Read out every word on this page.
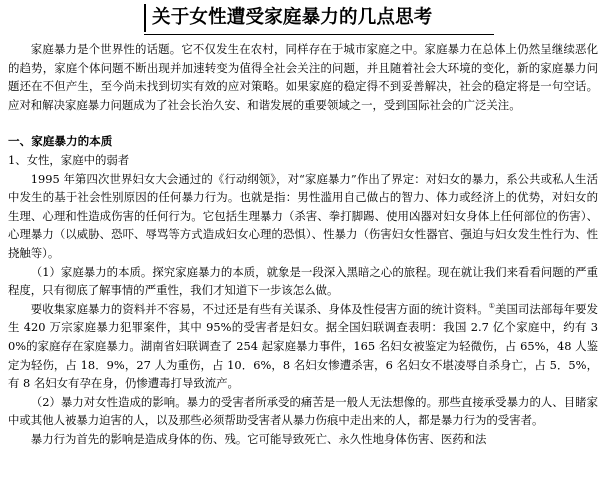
关于女性遭受家庭暴力的几点思考

家庭暴力是个世界性的话题。它不仅发生在农村，同样存在于城市家庭之中。家庭暴力在总体上仍然呈继续恶化的趋势，家庭个体问题不断出现并加速转变为值得全社会关注的问题，并且随着社会大环境的变化，新的家庭暴力问题还在不但产生，至今尚未找到切实有效的应对策略。如果家庭的稳定得不到妥善解决，社会的稳定将是一句空话。应对和解决家庭暴力问题成为了社会长治久安、和谐发展的重要领域之一，受到国际社会的广泛关注。

一、家庭暴力的本质

1、女性，家庭中的弱者

1995 年第四次世界妇女大会通过的《行动纲领》，对“家庭暴力”作出了界定：对妇女的暴力，系公共或私人生活中发生的基于社会性别原因的任何暴力行为。也就是指：男性滥用自己做占的智力、体力或经济上的优势，对妇女的生理、心理和性造成伤害的任何行为。它包括生理暴力（杀害、拳打脚踢、使用凶器对妇女身体上任何部位的伤害）、心理暴力（以威胁、恐吓、辱骂等方式造成妇女心理的恐惧）、性暴力（伤害妇女性器官、强迫与妇女发生性行为、性挠触等）。

（1）家庭暴力的本质。探究家庭暴力的本质，就象是一段深入黑暗之心的旅程。现在就让我们来看看问题的严重程度，只有彻底了解事情的严重性，我们才知道下一步该怎么做。

要收集家庭暴力的资料并不容易，不过还是有些有关谋杀、身体及性侵害方面的统计资料。①美国司法部每年要发生 420 万宗家庭暴力犯罪案件，其中 95%的受害者是妇女。据全国妇联调查表明：我国 2.7 亿个家庭中，约有 30%的家庭存在家庭暴力。湖南省妇联调查了 254 起家庭暴力事件，165 名妇女被鉴定为轻微伤，占 65%，48 人鉴定为轻伤，占 18．9%，27 人为重伤，占 10．6%，8 名妇女惨遭杀害，6 名妇女不堪凌辱自杀身亡，占 5．5%，有 8 名妇女有孕在身，仍惨遭毒打导致流产。

（2）暴力对女性造成的影响。暴力的受害者所承受的痛苦是一般人无法想像的。那些直接承受暴力的人、目睹家中或其他人被暴力迫害的人，以及那些必须帮助受害者从暴力伤痕中走出来的人，都是暴力行为的受害者。

暴力行为首先的影响是造成身体的伤、残。它可能导致死亡、永久性地身体伤害、医药和法
